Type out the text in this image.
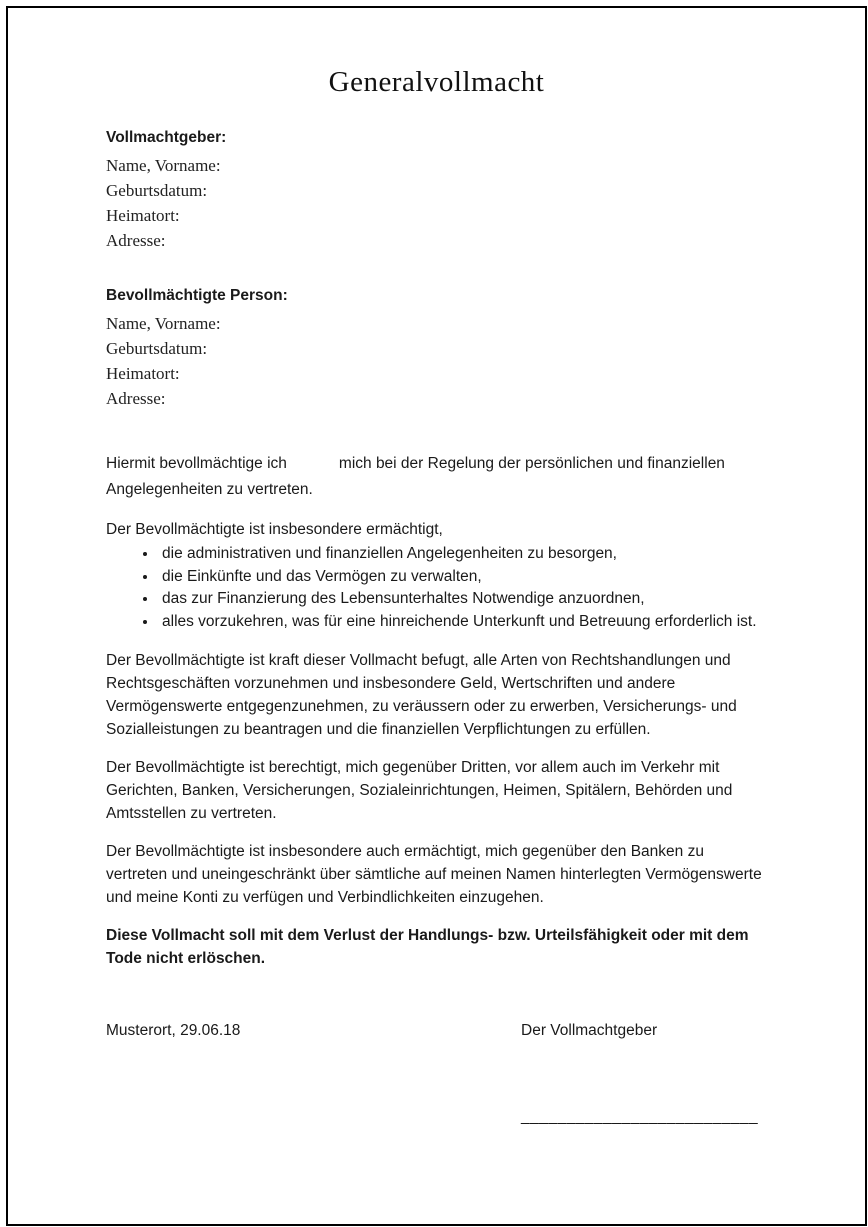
Generalvollmacht
Vollmachtgeber:
Name, Vorname:
Geburtsdatum:
Heimatort:
Adresse:
Bevollmächtigte Person:
Name, Vorname:
Geburtsdatum:
Heimatort:
Adresse:

Hiermit bevollmächtige ich	mich bei der Regelung der persönlichen und finanziellen Angelegenheiten zu vertreten.

Der Bevollmächtigte ist insbesondere ermächtigt,

• die administrativen und finanziellen Angelegenheiten zu besorgen,
• die Einkünfte und das Vermögen zu verwalten,
• das zur Finanzierung des Lebensunterhaltes Notwendige anzuordnen,
• alles vorzukehren, was für eine hinreichende Unterkunft und Betreuung erforderlich ist.

Der Bevollmächtigte ist kraft dieser Vollmacht befugt, alle Arten von Rechtshandlungen und Rechtsgeschäften vorzunehmen und insbesondere Geld, Wertschriften und andere Vermögenswerte entgegenzunehmen, zu veräussern oder zu erwerben, Versicherungs- und Sozialleistungen zu beantragen und die finanziellen Verpflichtungen zu erfüllen.

Der Bevollmächtigte ist berechtigt, mich gegenüber Dritten, vor allem auch im Verkehr mit Gerichten, Banken, Versicherungen, Sozialeinrichtungen, Heimen, Spitälern, Behörden und Amtsstellen zu vertreten.

Der Bevollmächtigte ist insbesondere auch ermächtigt, mich gegenüber den Banken zu vertreten und uneingeschränkt über sämtliche auf meinen Namen hinterlegten Vermögenswerte und meine Konti zu verfügen und Verbindlichkeiten einzugehen.

Diese Vollmacht soll mit dem Verlust der Handlungs- bzw. Urteilsfähigkeit oder mit dem Tode nicht erlöschen.

Musterort, 29.06.18	Der Vollmachtgeber
__________________________
